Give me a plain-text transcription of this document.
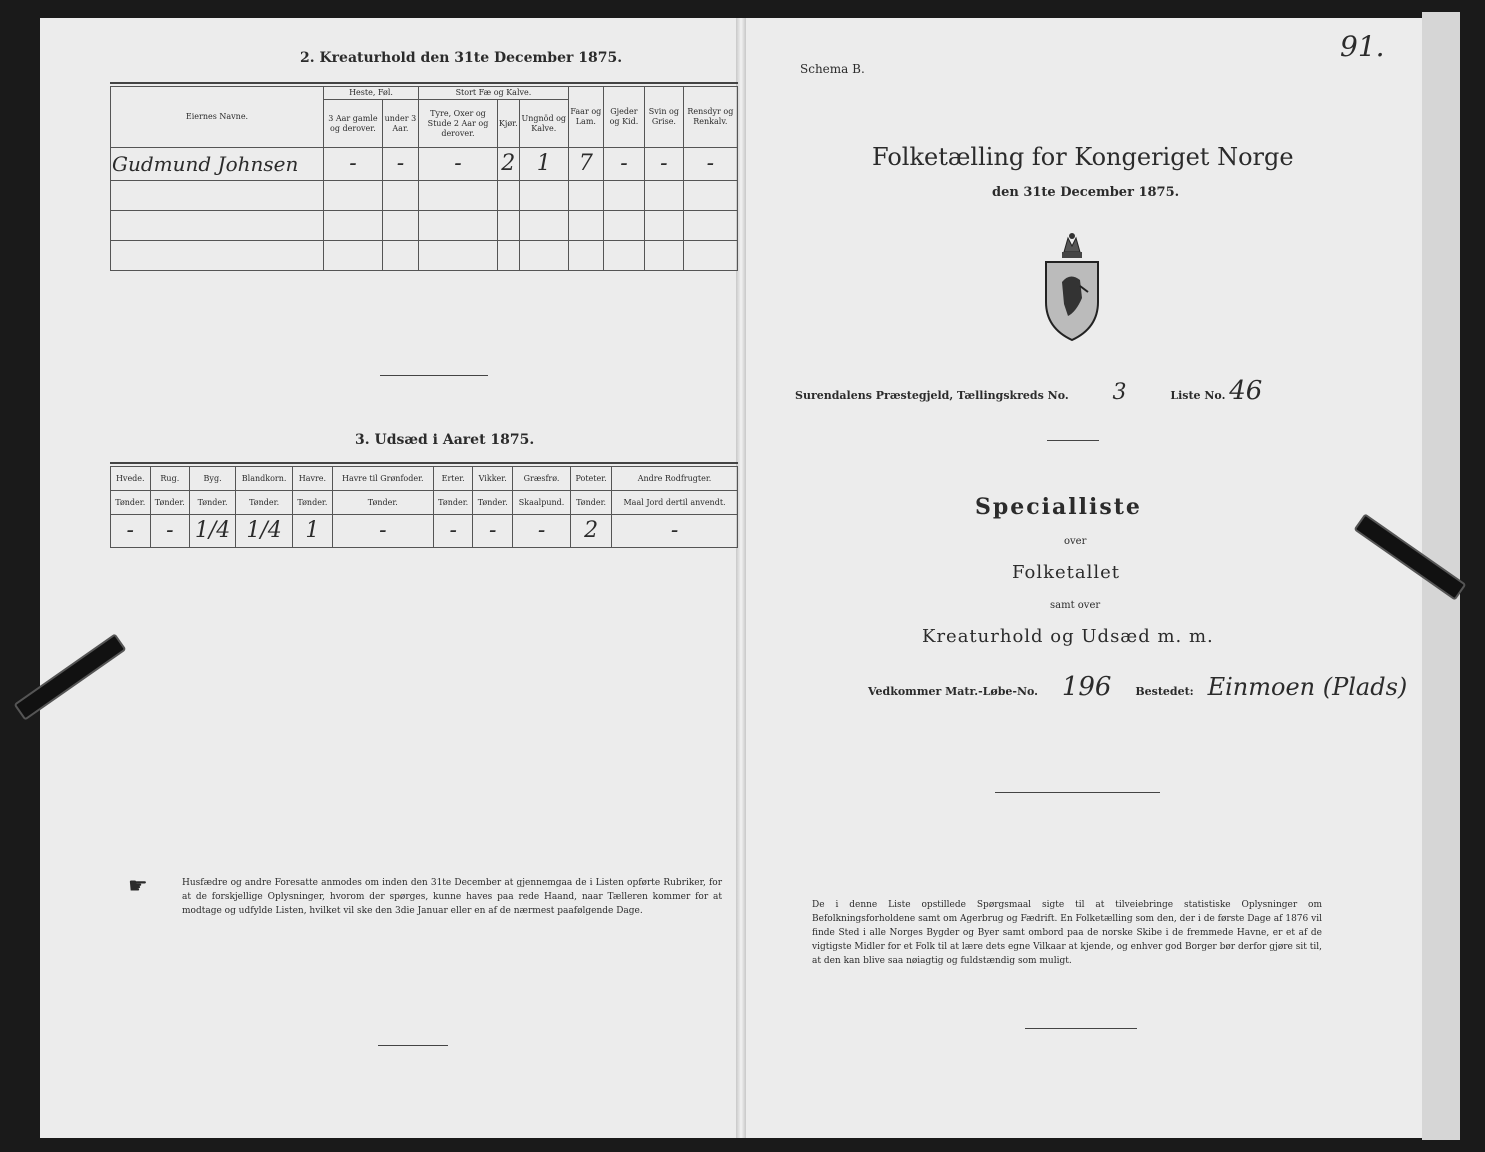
2. Kreaturhold den 31te December 1875.
Eiernes Navne.	Heste, Føl.		Stort Fæ og Kalve.			Faar og Lam.	Gjeder og Kid.	Svin og Grise.	Rensdyr og Renkalv.
	3 Aar gamle og derover.	under 3 Aar.	Tyre, Oxer og Stude 2 Aar og derover.	Kjør.	Ungnöd og Kalve.				
Gudmund Johnsen	-	-	-	2	1	7	-	-	-

3. Udsæd i Aaret 1875.
Hvede.	Rug.	Byg.	Blandkorn.	Havre.	Havre til Grønfoder.	Erter.	Vikker.	Græsfrø.	Poteter.	Andre Rodfrugter.
Tønder.	Tønder.	Tønder.	Tønder.	Tønder.	Tønder.	Tønder.	Tønder.	Skaalpund.	Tønder.	Maal Jord dertil anvendt.
-	-	1/4	1/4	1	-	-	-	-	2	-
☛	Husfædre og andre Foresatte anmodes om inden den 31te December at gjennemgaa de i Listen opførte Rubriker, for at de forskjellige Oplysninger, hvorom der spørges, kunne haves paa rede Haand, naar Tælleren kommer for at modtage og udfylde Listen, hvilket vil ske den 3die Januar eller en af de nærmest paafølgende Dage.
91.
Schema B.
Folketælling for Kongeriget Norge
den 31te December 1875.
Surendalens Præstegjeld, Tællingskreds No. 3	Liste No. 46
Specialliste
over
Folketallet
samt over
Kreaturhold og Udsæd m. m.
Vedkommer Matr.-Løbe-No. 196 Bestedet: Einmoen (Plads)
De i denne Liste opstillede Spørgsmaal sigte til at tilveiebringe statistiske Oplysninger om Befolkningsforholdene samt om Agerbrug og Fædrift. En Folketælling som den, der i de første Dage af 1876 vil finde Sted i alle Norges Bygder og Byer samt ombord paa de norske Skibe i de fremmede Havne, er et af de vigtigste Midler for et Folk til at lære dets egne Vilkaar at kjende, og enhver god Borger bør derfor gjøre sit til, at den kan blive saa nøiagtig og fuldstændig som muligt.
